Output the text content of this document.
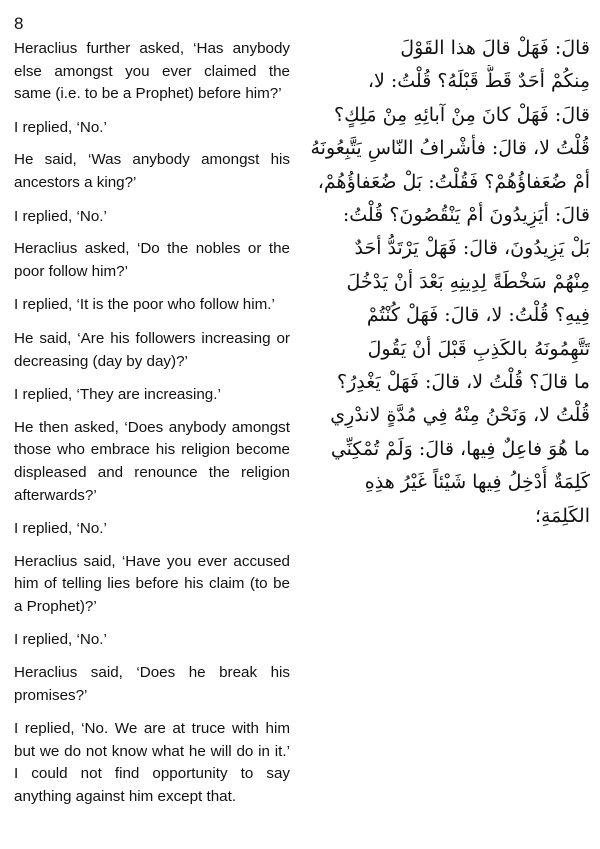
8

Heraclius further asked, ‘Has anybody else amongst you ever claimed the same (i.e. to be a Prophet) before him?’

I replied, ‘No.’

He said, ‘Was anybody amongst his ancestors a king?’

I replied, ‘No.’

Heraclius asked, ‘Do the nobles or the poor follow him?’

I replied, ‘It is the poor who follow him.’

He said, ‘Are his followers increasing or decreasing (day by day)?’

I replied, ‘They are increasing.’

He then asked, ‘Does anybody amongst those who embrace his religion become displeased and renounce the religion afterwards?’

I replied, ‘No.’

Heraclius said, ‘Have you ever accused him of telling lies before his claim (to be a Prophet)?’

I replied, ‘No.’

Heraclius said, ‘Does he break his promises?’

I replied, ‘No. We are at truce with him but we do not know what he will do in it.’ I could not find opportunity to say anything against him except that.

قالَ: فَهَلْ قالَ هذا القَوْلَ
مِنكُمْ أحَدٌ قَطُّ قَبْلَهُ؟ قُلْتُ: لا،
قالَ: فَهَلْ كانَ مِنْ آبائِهِ مِنْ مَلِكٍ؟
قُلْتُ لا، قالَ: فأشْرافُ النّاسِ يَتَّبِعُونَهُ
أمْ ضُعَفاؤُهُمْ؟ فَقُلْتُ: بَلْ ضُعَفاؤُهُمْ،
قالَ: أيَزِيدُونَ أمْ يَنْقُصُونَ؟ قُلْتُ:
بَلْ يَزِيدُونَ، قالَ: فَهَلْ يَرْتَدُّ أحَدٌ
مِنْهُمْ سَخْطَةً لِدِينِهِ بَعْدَ أنْ يَدْخُلَ
فِيهِ؟ قُلْتُ: لا، قالَ: فَهَلْ كُنْتُمْ
تَتَّهِمُونَهُ بالكَذِبِ قَبْلَ أنْ يَقُولَ
ما قالَ؟ قُلْتُ لا، قالَ: فَهَلْ يَغْدِرُ؟
قُلْتُ لا، وَنَحْنُ مِنْهُ فِي مُدَّةٍ لاندْرِي
ما هُوَ فاعِلٌ فِيها، قالَ: وَلَمْ تُمْكِنِّي
كَلِمَةٌ أُدْخِلُ فِيها شَيْئاً غَيْرُ هذِهِ
الكَلِمَةِ؛
